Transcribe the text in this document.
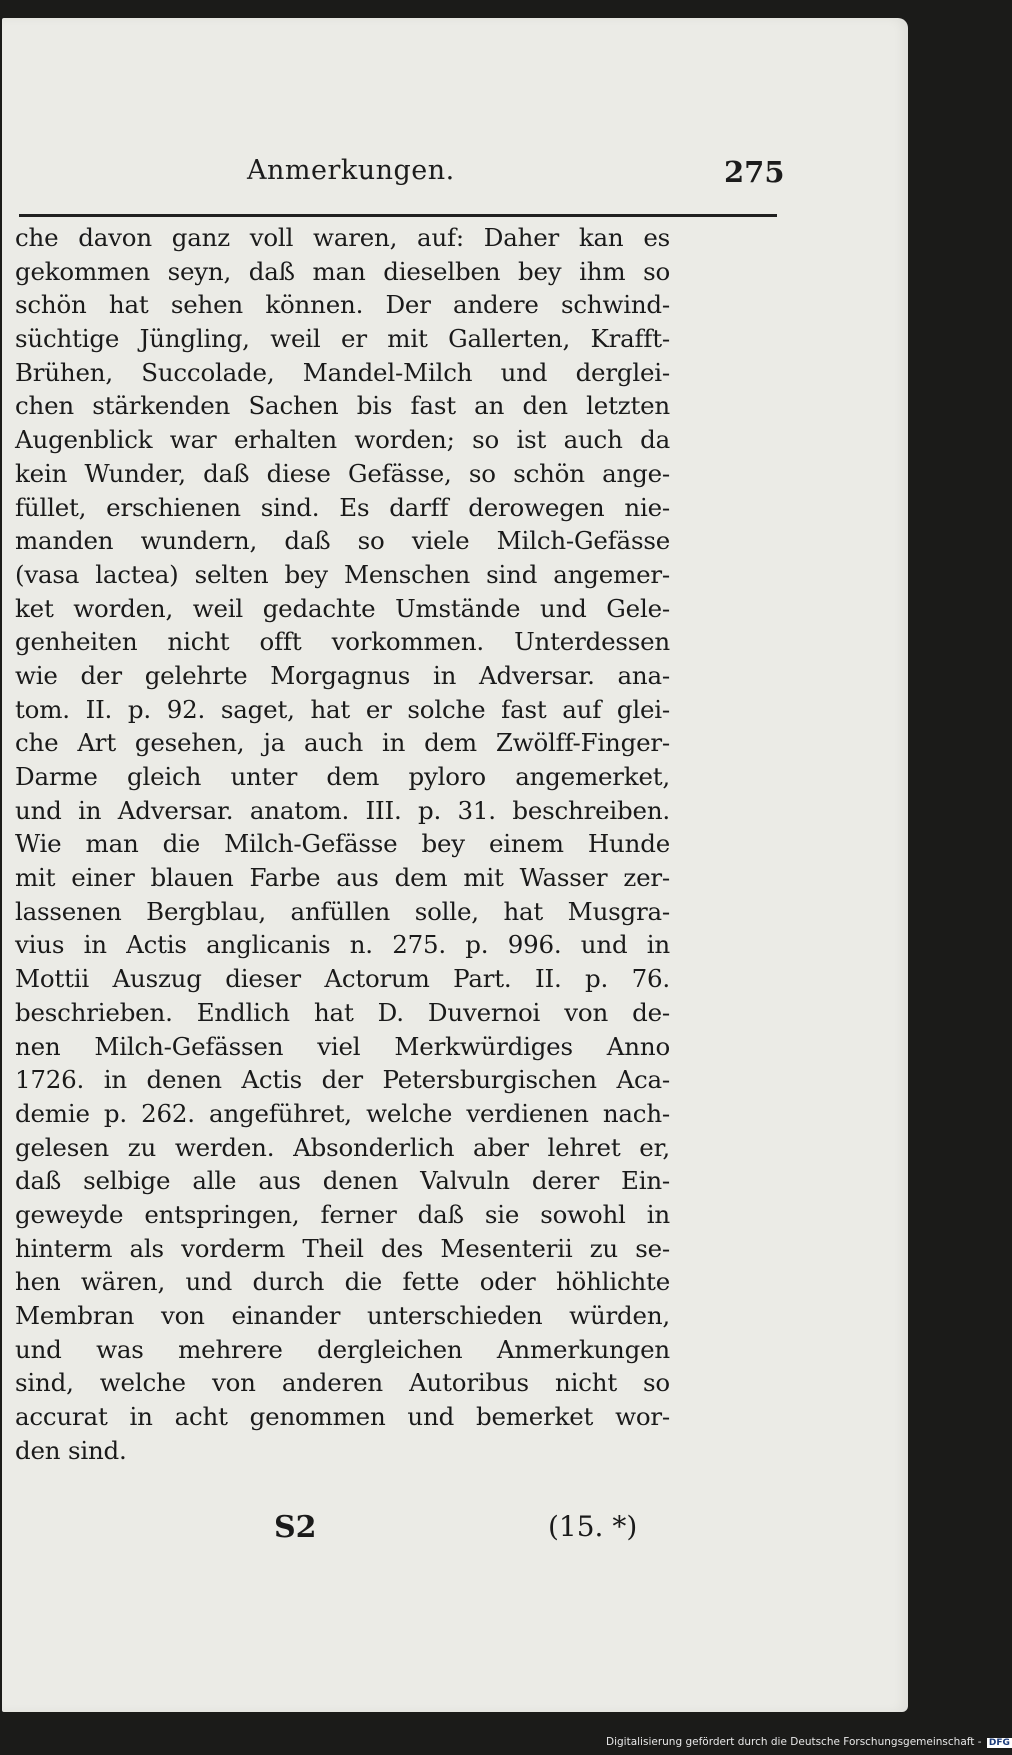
Anmerkungen.	275
che davon ganz voll waren, auf: Daher kan es
gekommen seyn, daß man dieselben bey ihm so
schön hat sehen können. Der andere schwind-
süchtige Jüngling, weil er mit Gallerten, Krafft-
Brühen, Succolade, Mandel-Milch und derglei-
chen stärkenden Sachen bis fast an den letzten
Augenblick war erhalten worden; so ist auch da
kein Wunder, daß diese Gefässe, so schön ange-
füllet, erschienen sind. Es darff derowegen nie-
manden wundern, daß so viele Milch-Gefässe
(vasa lactea) selten bey Menschen sind angemer-
ket worden, weil gedachte Umstände und Gele-
genheiten nicht offt vorkommen. Unterdessen
wie der gelehrte Morgagnus in Adversar. ana-
tom. II. p. 92. saget, hat er solche fast auf glei-
che Art gesehen, ja auch in dem Zwölff-Finger-
Darme gleich unter dem pyloro angemerket,
und in Adversar. anatom. III. p. 31. beschreiben.
Wie man die Milch-Gefässe bey einem Hunde
mit einer blauen Farbe aus dem mit Wasser zer-
lassenen Bergblau, anfüllen solle, hat Musgra-
vius in Actis anglicanis n. 275. p. 996. und in
Mottii Auszug dieser Actorum Part. II. p. 76.
beschrieben. Endlich hat D. Duvernoi von de-
nen Milch-Gefässen viel Merkwürdiges Anno
1726. in denen Actis der Petersburgischen Aca-
demie p. 262. angeführet, welche verdienen nach-
gelesen zu werden. Absonderlich aber lehret er,
daß selbige alle aus denen Valvuln derer Ein-
geweyde entspringen, ferner daß sie sowohl in
hinterm als vorderm Theil des Mesenterii zu se-
hen wären, und durch die fette oder höhlichte
Membran von einander unterschieden würden,
und was mehrere dergleichen Anmerkungen
sind, welche von anderen Autoribus nicht so
accurat in acht genommen und bemerket wor-
den sind.
S2	(15. *)
Digitalisierung gefördert durch die Deutsche Forschungsgemeinschaft - DFG
